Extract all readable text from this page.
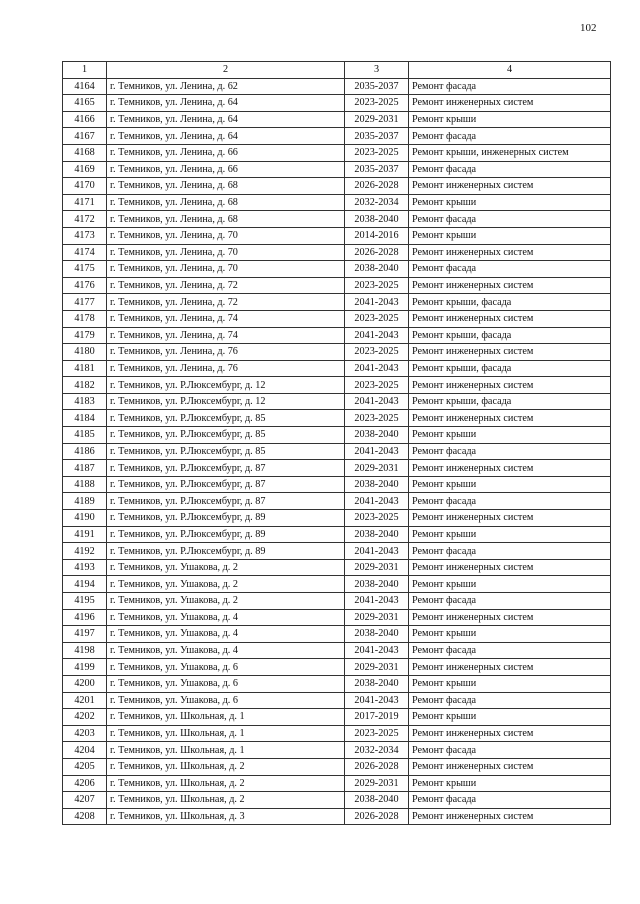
102
1	2	3	4
4164	г. Темников, ул. Ленина, д. 62	2035-2037	Ремонт фасада
4165	г. Темников, ул. Ленина, д. 64	2023-2025	Ремонт инженерных систем
4166	г. Темников, ул. Ленина, д. 64	2029-2031	Ремонт крыши
4167	г. Темников, ул. Ленина, д. 64	2035-2037	Ремонт фасада
4168	г. Темников, ул. Ленина, д. 66	2023-2025	Ремонт крыши, инженерных систем
4169	г. Темников, ул. Ленина, д. 66	2035-2037	Ремонт фасада
4170	г. Темников, ул. Ленина, д. 68	2026-2028	Ремонт инженерных систем
4171	г. Темников, ул. Ленина, д. 68	2032-2034	Ремонт крыши
4172	г. Темников, ул. Ленина, д. 68	2038-2040	Ремонт фасада
4173	г. Темников, ул. Ленина, д. 70	2014-2016	Ремонт крыши
4174	г. Темников, ул. Ленина, д. 70	2026-2028	Ремонт инженерных систем
4175	г. Темников, ул. Ленина, д. 70	2038-2040	Ремонт фасада
4176	г. Темников, ул. Ленина, д. 72	2023-2025	Ремонт инженерных систем
4177	г. Темников, ул. Ленина, д. 72	2041-2043	Ремонт крыши, фасада
4178	г. Темников, ул. Ленина, д. 74	2023-2025	Ремонт инженерных систем
4179	г. Темников, ул. Ленина, д. 74	2041-2043	Ремонт крыши, фасада
4180	г. Темников, ул. Ленина, д. 76	2023-2025	Ремонт инженерных систем
4181	г. Темников, ул. Ленина, д. 76	2041-2043	Ремонт крыши, фасада
4182	г. Темников, ул. Р.Люксембург, д. 12	2023-2025	Ремонт инженерных систем
4183	г. Темников, ул. Р.Люксембург, д. 12	2041-2043	Ремонт крыши, фасада
4184	г. Темников, ул. Р.Люксембург, д. 85	2023-2025	Ремонт инженерных систем
4185	г. Темников, ул. Р.Люксембург, д. 85	2038-2040	Ремонт крыши
4186	г. Темников, ул. Р.Люксембург, д. 85	2041-2043	Ремонт фасада
4187	г. Темников, ул. Р.Люксембург, д. 87	2029-2031	Ремонт инженерных систем
4188	г. Темников, ул. Р.Люксембург, д. 87	2038-2040	Ремонт крыши
4189	г. Темников, ул. Р.Люксембург, д. 87	2041-2043	Ремонт фасада
4190	г. Темников, ул. Р.Люксембург, д. 89	2023-2025	Ремонт инженерных систем
4191	г. Темников, ул. Р.Люксембург, д. 89	2038-2040	Ремонт крыши
4192	г. Темников, ул. Р.Люксембург, д. 89	2041-2043	Ремонт фасада
4193	г. Темников, ул. Ушакова, д. 2	2029-2031	Ремонт инженерных систем
4194	г. Темников, ул. Ушакова, д. 2	2038-2040	Ремонт крыши
4195	г. Темников, ул. Ушакова, д. 2	2041-2043	Ремонт фасада
4196	г. Темников, ул. Ушакова, д. 4	2029-2031	Ремонт инженерных систем
4197	г. Темников, ул. Ушакова, д. 4	2038-2040	Ремонт крыши
4198	г. Темников, ул. Ушакова, д. 4	2041-2043	Ремонт фасада
4199	г. Темников, ул. Ушакова, д. 6	2029-2031	Ремонт инженерных систем
4200	г. Темников, ул. Ушакова, д. 6	2038-2040	Ремонт крыши
4201	г. Темников, ул. Ушакова, д. 6	2041-2043	Ремонт фасада
4202	г. Темников, ул. Школьная, д. 1	2017-2019	Ремонт крыши
4203	г. Темников, ул. Школьная, д. 1	2023-2025	Ремонт инженерных систем
4204	г. Темников, ул. Школьная, д. 1	2032-2034	Ремонт фасада
4205	г. Темников, ул. Школьная, д. 2	2026-2028	Ремонт инженерных систем
4206	г. Темников, ул. Школьная, д. 2	2029-2031	Ремонт крыши
4207	г. Темников, ул. Школьная, д. 2	2038-2040	Ремонт фасада
4208	г. Темников, ул. Школьная, д. 3	2026-2028	Ремонт инженерных систем
